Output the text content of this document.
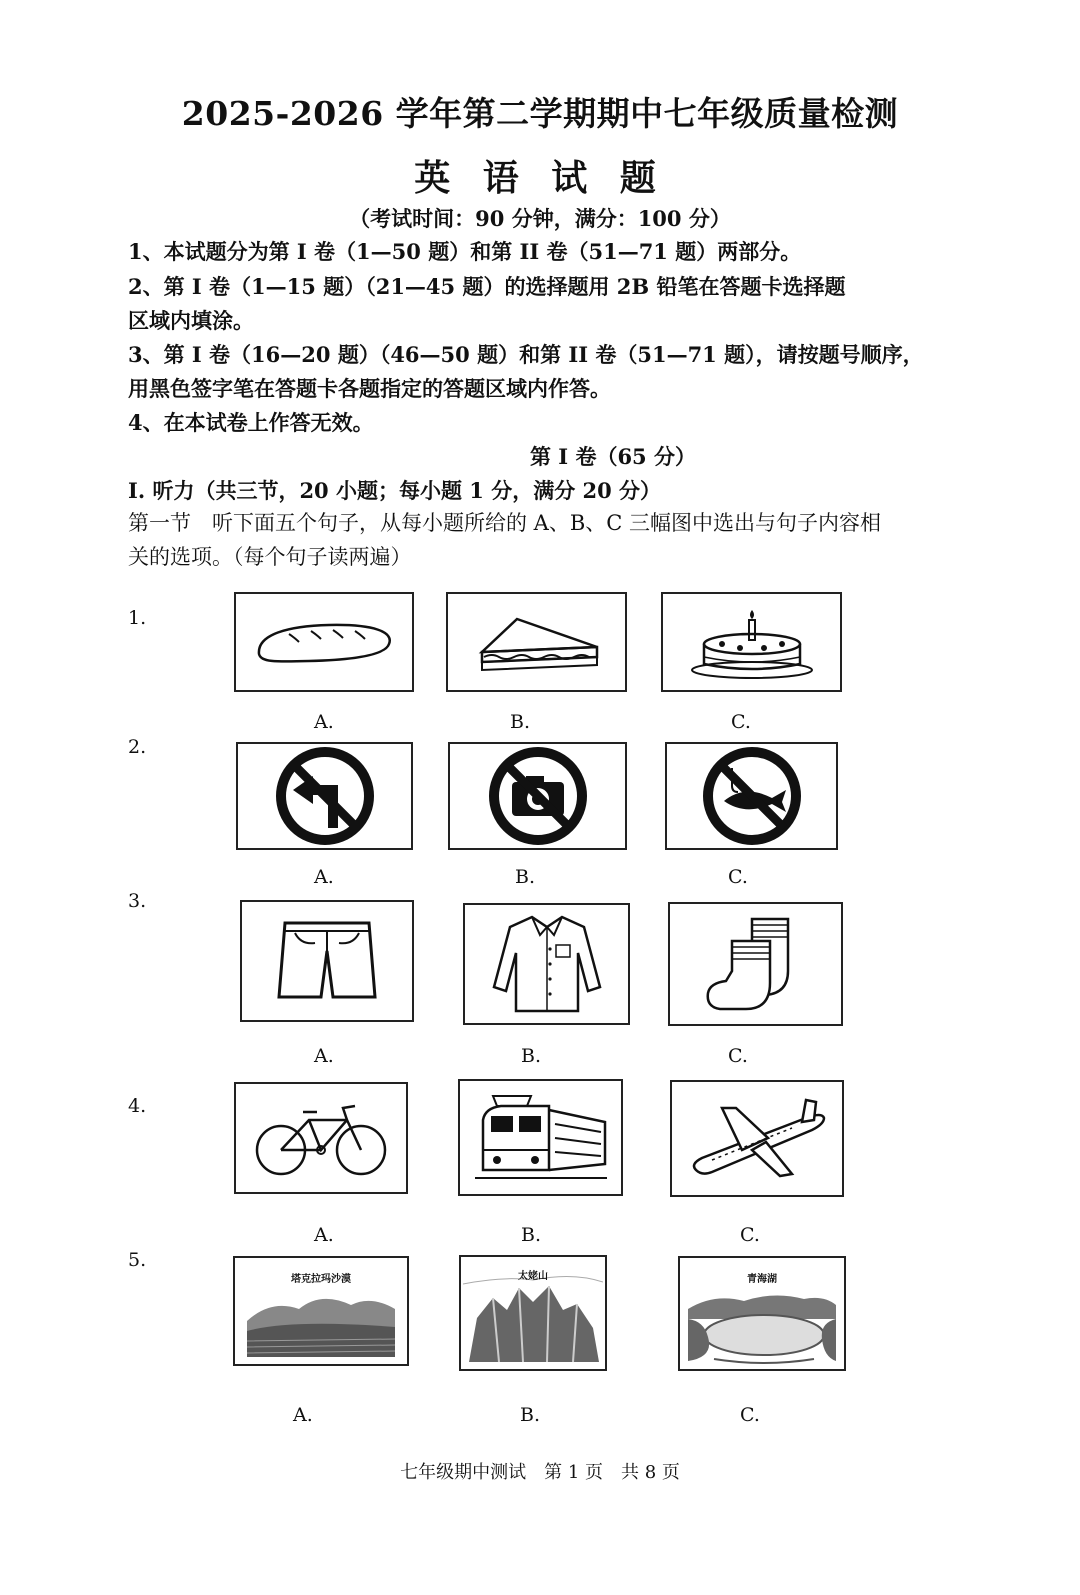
2025-2026 学年第二学期期中七年级质量检测
英 语 试 题
（考试时间：90 分钟，满分：100 分）
1、本试题分为第 I 卷（1—50 题）和第 II 卷（51—71 题）两部分。
2、第 I 卷（1—15 题）（21—45 题）的选择题用 2B 铅笔在答题卡选择题
区域内填涂。
3、第 I 卷（16—20 题）（46—50 题）和第 II 卷（51—71 题），请按题号顺序，
用黑色签字笔在答题卡各题指定的答题区域内作答。
4、在本试卷上作答无效。
第 I 卷（65 分）
I. 听力（共三节，20 小题；每小题 1 分，满分 20 分）
第一节　听下面五个句子，从每小题所给的 A、B、C 三幅图中选出与句子内容相
关的选项。（每个句子读两遍）
1.
A.	B.	C.
2.
A.	B.	C.
3.
A.	B.	C.
4.
A.	B.	C.
5.
塔克拉玛沙漠	太姥山	青海湖
A.	B.	C.
七年级期中测试　第 1 页　共 8 页
